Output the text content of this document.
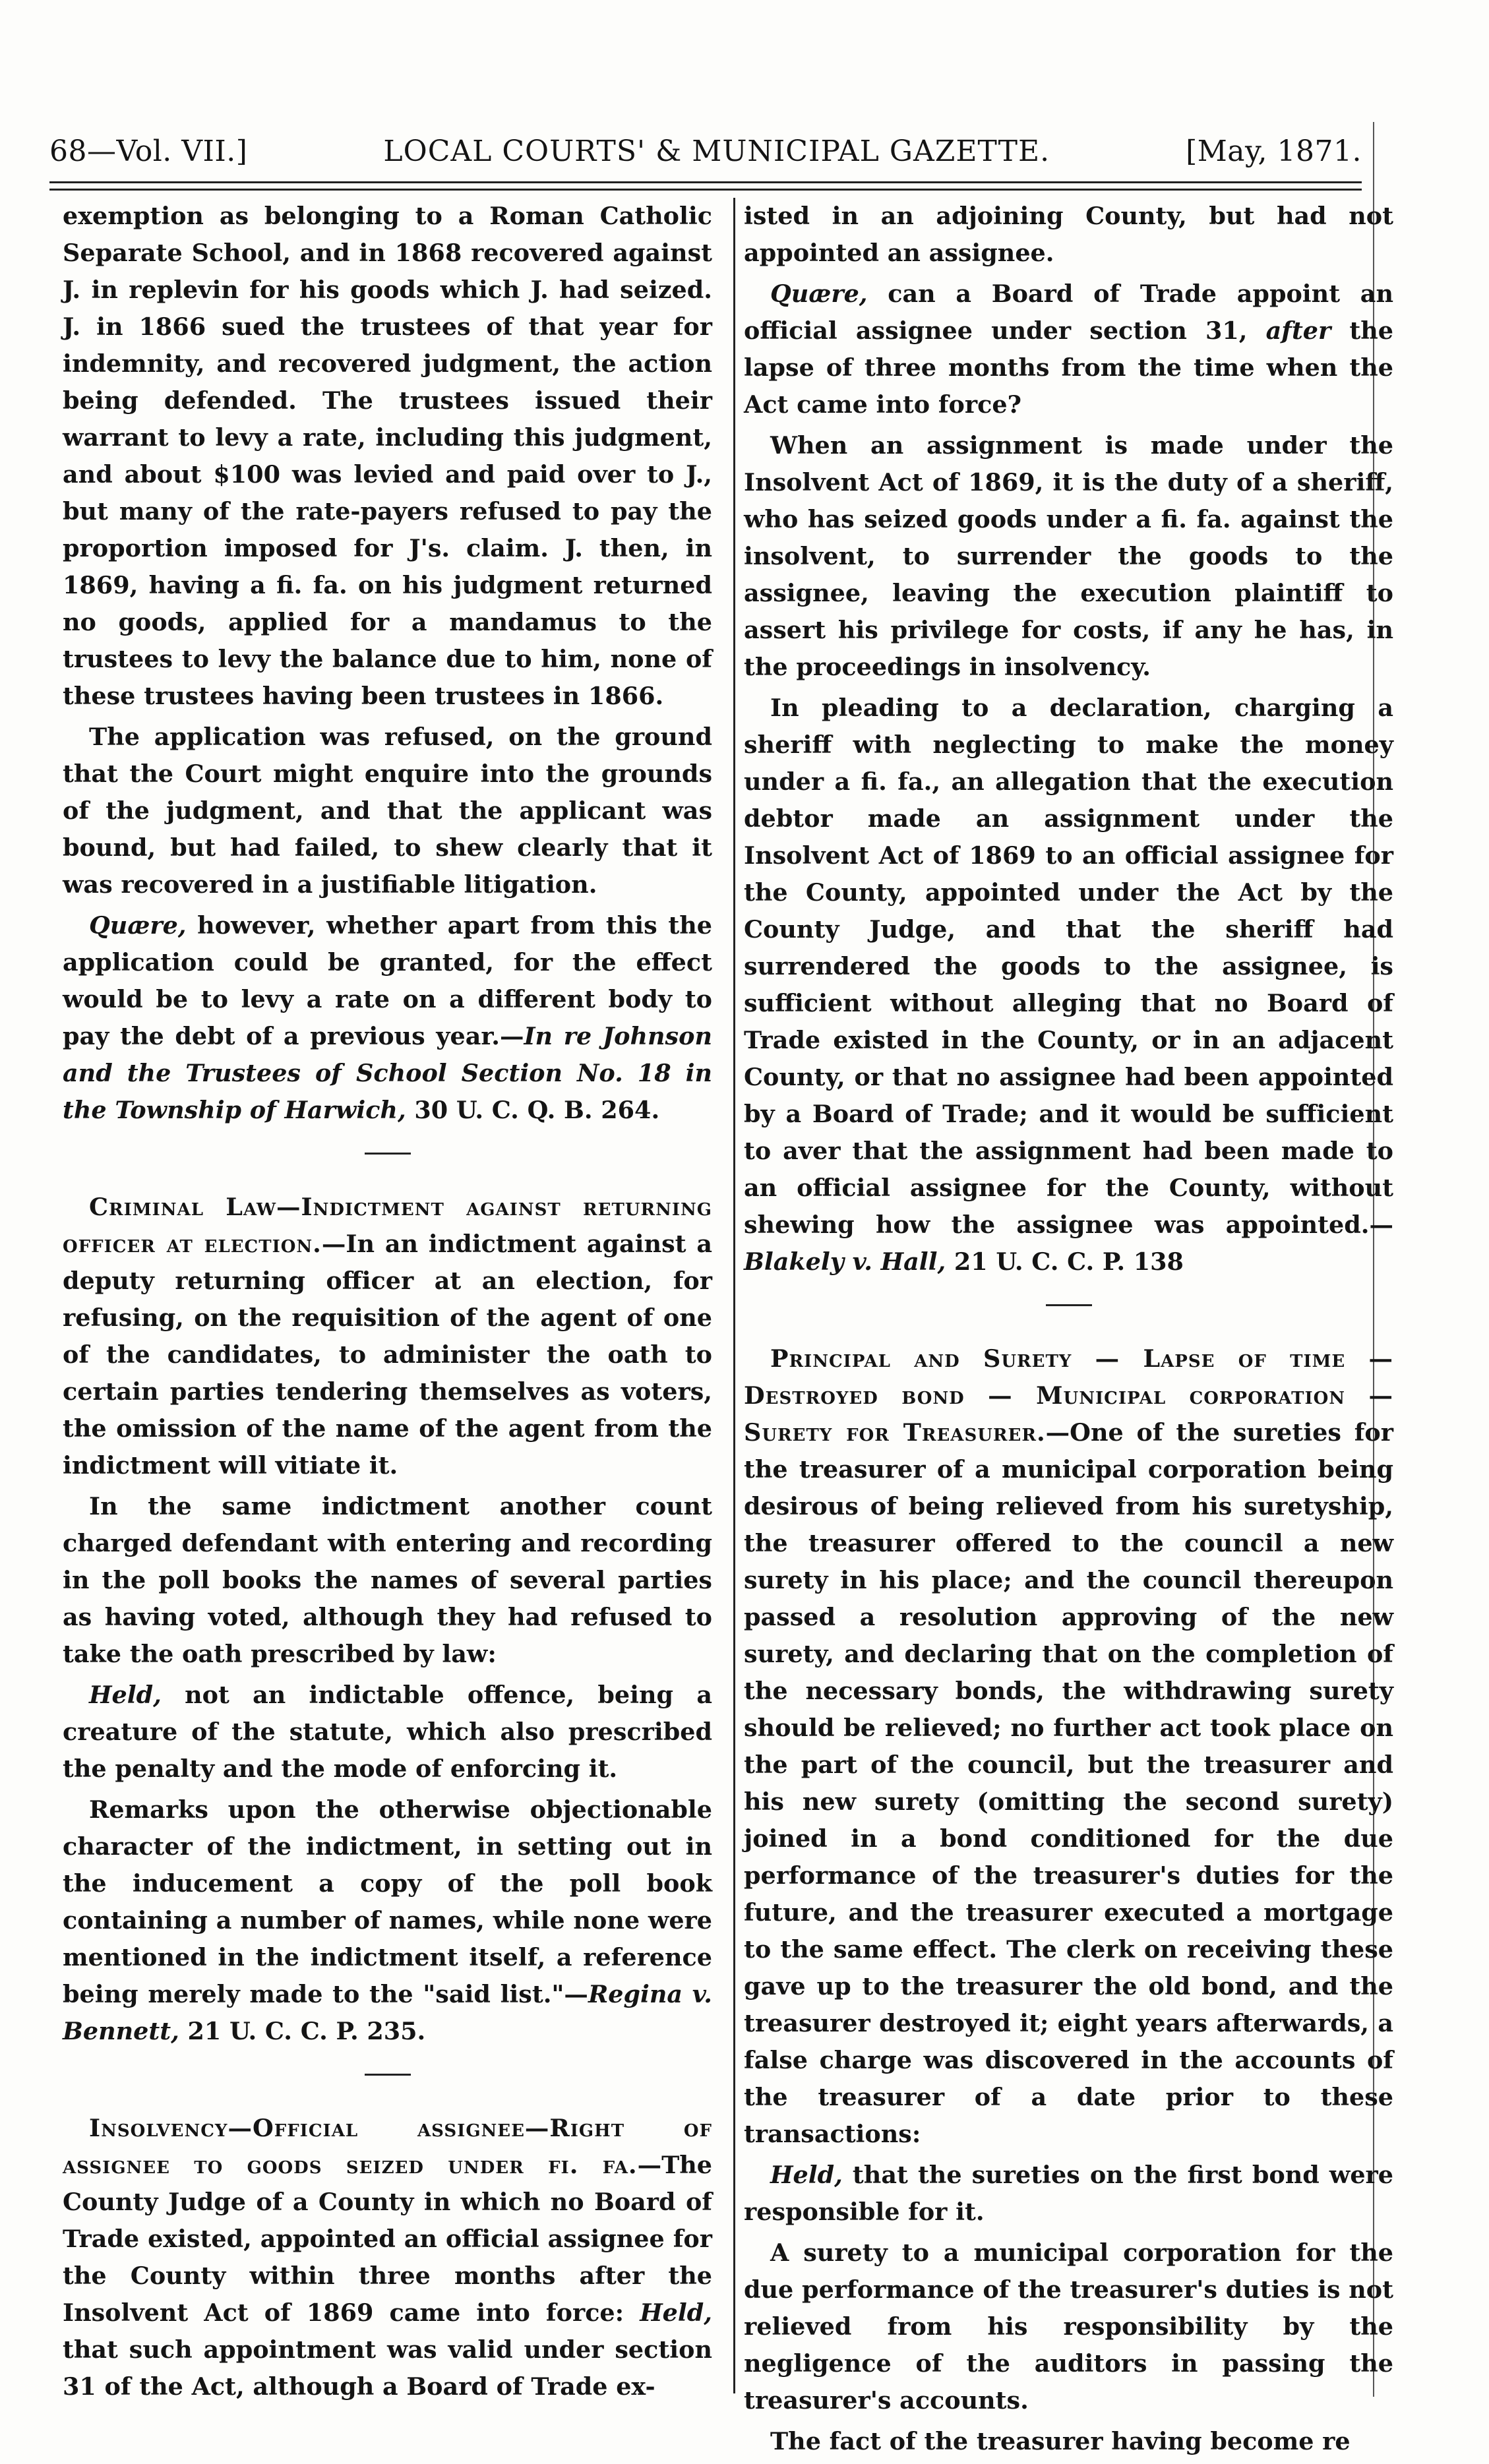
68—Vol. VII.]	LOCAL COURTS' & MUNICIPAL GAZETTE.	[May, 1871.

exemption as belonging to a Roman Catholic Separate School, and in 1868 recovered against J. in replevin for his goods which J. had seized. J. in 1866 sued the trustees of that year for indemnity, and recovered judgment, the action being defended. The trustees issued their warrant to levy a rate, including this judgment, and about $100 was levied and paid over to J., but many of the rate-payers refused to pay the proportion imposed for J's. claim. J. then, in 1869, having a fi. fa. on his judgment returned no goods, applied for a mandamus to the trustees to levy the balance due to him, none of these trustees having been trustees in 1866.

The application was refused, on the ground that the Court might enquire into the grounds of the judgment, and that the applicant was bound, but had failed, to shew clearly that it was recovered in a justifiable litigation.

Quære, however, whether apart from this the application could be granted, for the effect would be to levy a rate on a different body to pay the debt of a previous year.—In re Johnson and the Trustees of School Section No. 18 in the Township of Harwich, 30 U. C. Q. B. 264.

Criminal Law—Indictment against returning officer at election.—In an indictment against a deputy returning officer at an election, for refusing, on the requisition of the agent of one of the candidates, to administer the oath to certain parties tendering themselves as voters, the omission of the name of the agent from the indictment will vitiate it.

In the same indictment another count charged defendant with entering and recording in the poll books the names of several parties as having voted, although they had refused to take the oath prescribed by law:

Held, not an indictable offence, being a creature of the statute, which also prescribed the penalty and the mode of enforcing it.

Remarks upon the otherwise objectionable character of the indictment, in setting out in the inducement a copy of the poll book containing a number of names, while none were mentioned in the indictment itself, a reference being merely made to the "said list."—Regina v. Bennett, 21 U. C. C. P. 235.

Insolvency—Official assignee—Right of assignee to goods seized under fi. fa.—The County Judge of a County in which no Board of Trade existed, appointed an official assignee for the County within three months after the Insolvent Act of 1869 came into force: Held, that such appointment was valid under section 31 of the Act, although a Board of Trade ex-

isted in an adjoining County, but had not appointed an assignee.

Quære, can a Board of Trade appoint an official assignee under section 31, after the lapse of three months from the time when the Act came into force?

When an assignment is made under the Insolvent Act of 1869, it is the duty of a sheriff, who has seized goods under a fi. fa. against the insolvent, to surrender the goods to the assignee, leaving the execution plaintiff to assert his privilege for costs, if any he has, in the proceedings in insolvency.

In pleading to a declaration, charging a sheriff with neglecting to make the money under a fi. fa., an allegation that the execution debtor made an assignment under the Insolvent Act of 1869 to an official assignee for the County, appointed under the Act by the County Judge, and that the sheriff had surrendered the goods to the assignee, is sufficient without alleging that no Board of Trade existed in the County, or in an adjacent County, or that no assignee had been appointed by a Board of Trade; and it would be sufficient to aver that the assignment had been made to an official assignee for the County, without shewing how the assignee was appointed.—Blakely v. Hall, 21 U. C. C. P. 138

Principal and Surety — Lapse of time — Destroyed bond — Municipal corporation — Surety for Treasurer.—One of the sureties for the treasurer of a municipal corporation being desirous of being relieved from his suretyship, the treasurer offered to the council a new surety in his place; and the council thereupon passed a resolution approving of the new surety, and declaring that on the completion of the necessary bonds, the withdrawing surety should be relieved; no further act took place on the part of the council, but the treasurer and his new surety (omitting the second surety) joined in a bond conditioned for the due performance of the treasurer's duties for the future, and the treasurer executed a mortgage to the same effect. The clerk on receiving these gave up to the treasurer the old bond, and the treasurer destroyed it; eight years afterwards, a false charge was discovered in the accounts of the treasurer of a date prior to these transactions:

Held, that the sureties on the first bond were responsible for it.

A surety to a municipal corporation for the due performance of the treasurer's duties is not relieved from his responsibility by the negligence of the auditors in passing the treasurer's accounts.

The fact of the treasurer having become re
